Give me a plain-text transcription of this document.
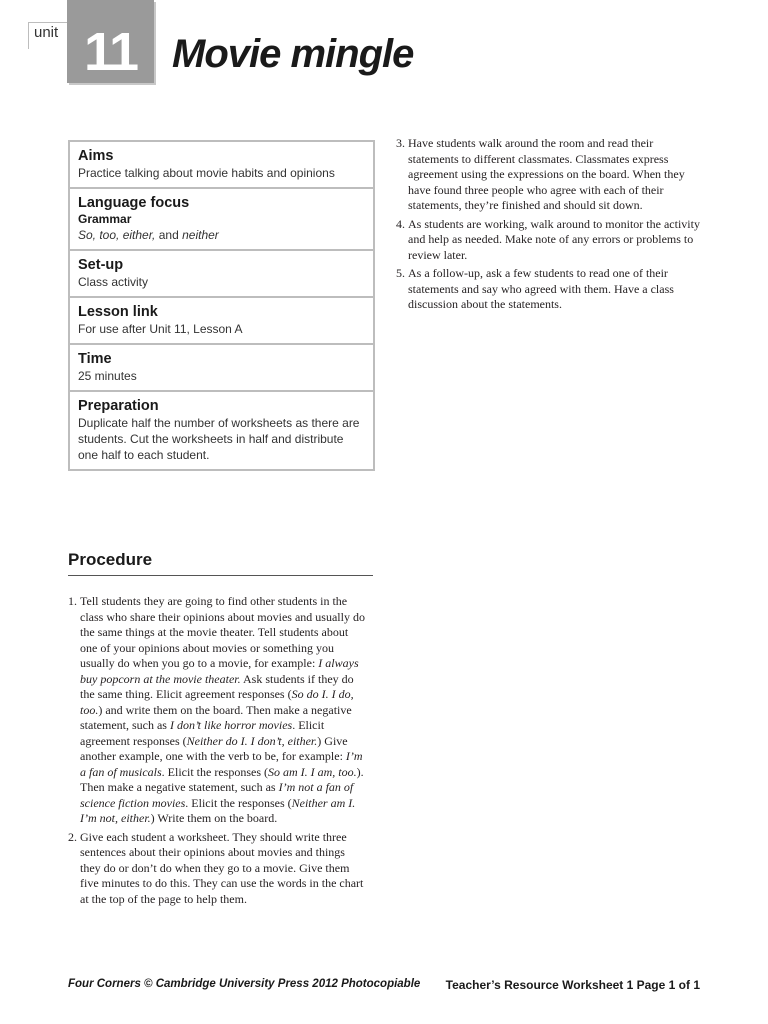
unit 11 Movie mingle
Aims
Practice talking about movie habits and opinions
Language focus
Grammar
So, too, either, and neither
Set-up
Class activity
Lesson link
For use after Unit 11, Lesson A
Time
25 minutes
Preparation
Duplicate half the number of worksheets as there are students. Cut the worksheets in half and distribute one half to each student.
Procedure
1. Tell students they are going to find other students in the class who share their opinions about movies and usually do the same things at the movie theater. Tell students about one of your opinions about movies or something you usually do when you go to a movie, for example: I always buy popcorn at the movie theater. Ask students if they do the same thing. Elicit agreement responses (So do I. I do, too.) and write them on the board. Then make a negative statement, such as I don’t like horror movies. Elicit agreement responses (Neither do I. I don’t, either.) Give another example, one with the verb to be, for example: I’m a fan of musicals. Elicit the responses (So am I. I am, too.). Then make a negative statement, such as I’m not a fan of science fiction movies. Elicit the responses (Neither am I. I’m not, either.) Write them on the board.
2. Give each student a worksheet. They should write three sentences about their opinions about movies and things they do or don’t do when they go to a movie. Give them five minutes to do this. They can use the words in the chart at the top of the page to help them.
3. Have students walk around the room and read their statements to different classmates. Classmates express agreement using the expressions on the board. When they have found three people who agree with each of their statements, they’re finished and should sit down.
4. As students are working, walk around to monitor the activity and help as needed. Make note of any errors or problems to review later.
5. As a follow-up, ask a few students to read one of their statements and say who agreed with them. Have a class discussion about the statements.
Four Corners © Cambridge University Press 2012 Photocopiable Teacher’s Resource Worksheet 1 Page 1 of 1
